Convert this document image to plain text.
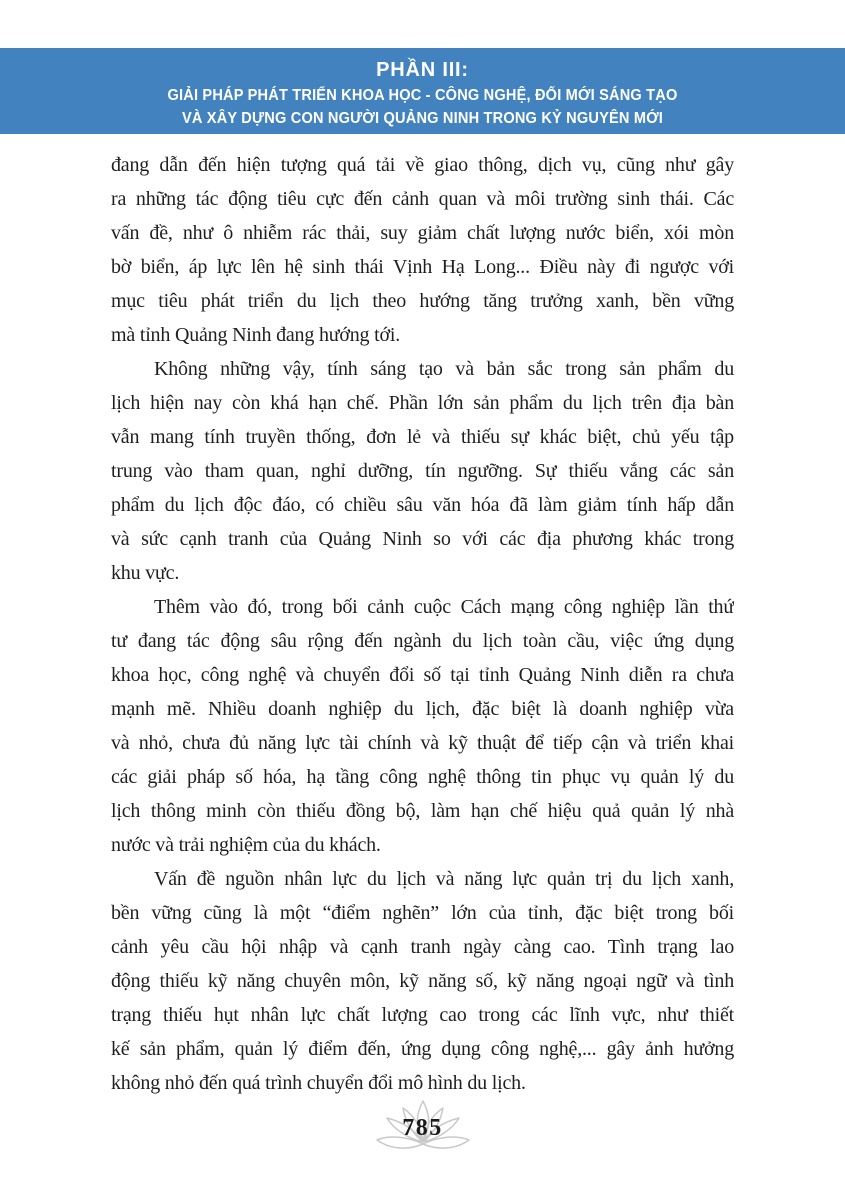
PHẦN III:
GIẢI PHÁP PHÁT TRIỂN KHOA HỌC - CÔNG NGHỆ, ĐỔI MỚI SÁNG TẠO
VÀ XÂY DỰNG CON NGƯỜI QUẢNG NINH TRONG KỶ NGUYÊN MỚI
đang dẫn đến hiện tượng quá tải về giao thông, dịch vụ, cũng như gây
ra những tác động tiêu cực đến cảnh quan và môi trường sinh thái. Các
vấn đề, như ô nhiễm rác thải, suy giảm chất lượng nước biển, xói mòn
bờ biển, áp lực lên hệ sinh thái Vịnh Hạ Long... Điều này đi ngược với
mục tiêu phát triển du lịch theo hướng tăng trưởng xanh, bền vững
mà tỉnh Quảng Ninh đang hướng tới.
Không những vậy, tính sáng tạo và bản sắc trong sản phẩm du
lịch hiện nay còn khá hạn chế. Phần lớn sản phẩm du lịch trên địa bàn
vẫn mang tính truyền thống, đơn lẻ và thiếu sự khác biệt, chủ yếu tập
trung vào tham quan, nghỉ dưỡng, tín ngưỡng. Sự thiếu vắng các sản
phẩm du lịch độc đáo, có chiều sâu văn hóa đã làm giảm tính hấp dẫn
và sức cạnh tranh của Quảng Ninh so với các địa phương khác trong
khu vực.
Thêm vào đó, trong bối cảnh cuộc Cách mạng công nghiệp lần thứ
tư đang tác động sâu rộng đến ngành du lịch toàn cầu, việc ứng dụng
khoa học, công nghệ và chuyển đổi số tại tỉnh Quảng Ninh diễn ra chưa
mạnh mẽ. Nhiều doanh nghiệp du lịch, đặc biệt là doanh nghiệp vừa
và nhỏ, chưa đủ năng lực tài chính và kỹ thuật để tiếp cận và triển khai
các giải pháp số hóa, hạ tầng công nghệ thông tin phục vụ quản lý du
lịch thông minh còn thiếu đồng bộ, làm hạn chế hiệu quả quản lý nhà
nước và trải nghiệm của du khách.
Vấn đề nguồn nhân lực du lịch và năng lực quản trị du lịch xanh,
bền vững cũng là một “điểm nghẽn” lớn của tỉnh, đặc biệt trong bối
cảnh yêu cầu hội nhập và cạnh tranh ngày càng cao. Tình trạng lao
động thiếu kỹ năng chuyên môn, kỹ năng số, kỹ năng ngoại ngữ và tình
trạng thiếu hụt nhân lực chất lượng cao trong các lĩnh vực, như thiết
kế sản phẩm, quản lý điểm đến, ứng dụng công nghệ,... gây ảnh hưởng
không nhỏ đến quá trình chuyển đổi mô hình du lịch.
785
